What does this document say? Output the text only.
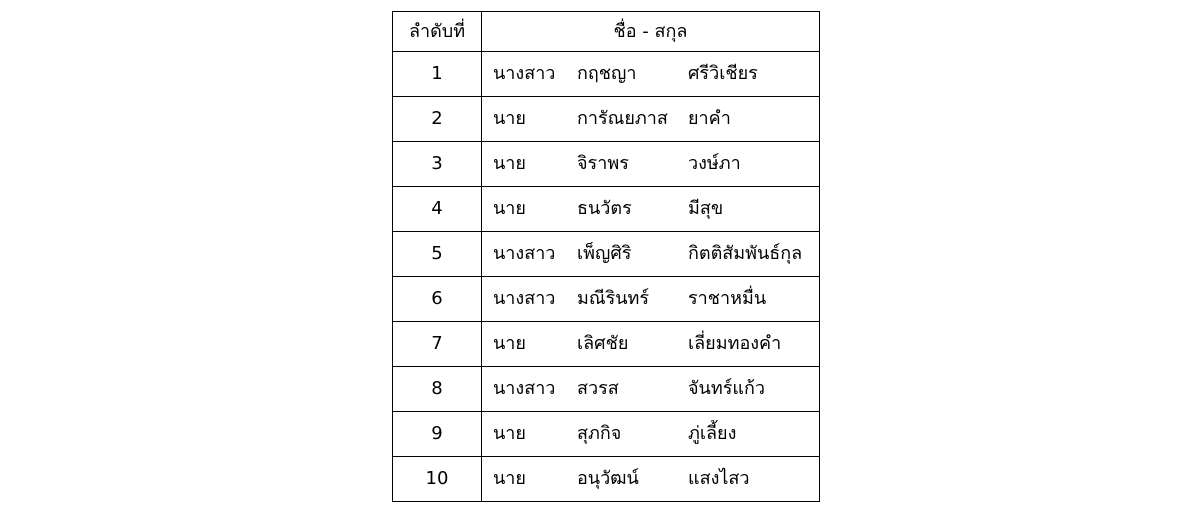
ลำดับที่	ชื่อ - สกุล
1	นางสาว กฤชญา ศรีวิเชียร

2	นาย การัณยภาส ยาคำ

3	นาย จิราพร วงษ์ภา

4	นาย ธนวัตร มีสุข

5	นางสาว เพ็ญศิริ กิตติสัมพันธ์กุล

6	นางสาว มณีรินทร์ ราชาหมื่น

7	นาย เลิศชัย เลี่ยมทองคำ

8	นางสาว สวรส จันทร์แก้ว

9	นาย สุภกิจ ภู่เลี้ยง

10	นาย อนุวัฒน์ แสงไสว
